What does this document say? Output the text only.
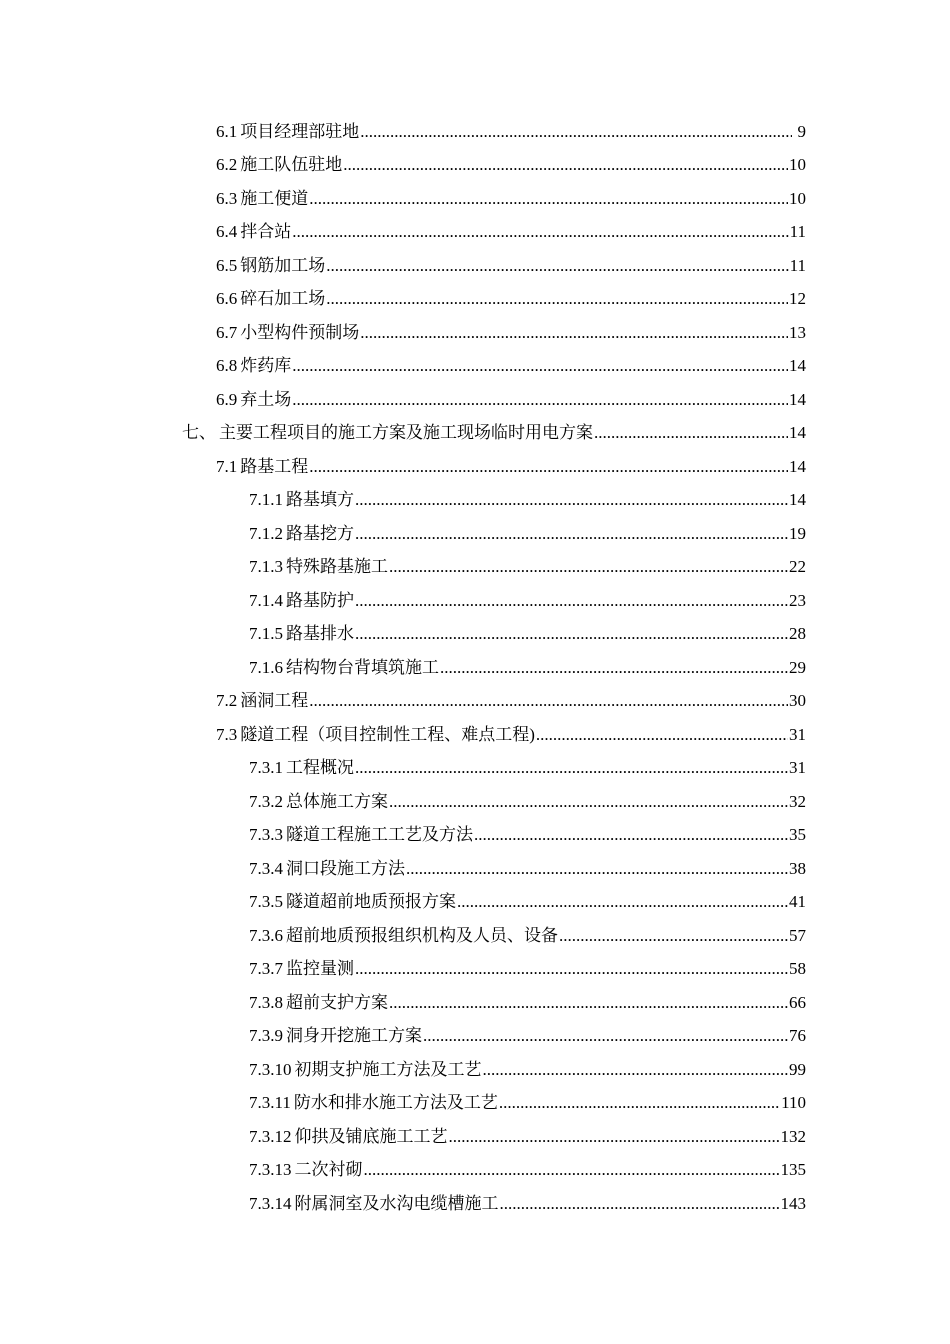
6.1 项目经理部驻地 .....	9
6.2 施工队伍驻地 .....	10
6.3 施工便道 .....	10
6.4 拌合站 .....	11
6.5 钢筋加工场 .....	11
6.6 碎石加工场 .....	12
6.7 小型构件预制场 .....	13
6.8 炸药库 .....	14
6.9 弃土场 .....	14
七、 主要工程项目的施工方案及施工现场临时用电方案 .....	14
7.1 路基工程 .....	14
7.1.1 路基填方 .....	14
7.1.2 路基挖方 .....	19
7.1.3 特殊路基施工 .....	22
7.1.4 路基防护 .....	23
7.1.5 路基排水 .....	28
7.1.6 结构物台背填筑施工 .....	29
7.2 涵洞工程 .....	30
7.3 隧道工程（项目控制性工程、难点工程) .....	31
7.3.1 工程概况 .....	31
7.3.2 总体施工方案 .....	32
7.3.3 隧道工程施工工艺及方法 .....	35
7.3.4 洞口段施工方法 .....	38
7.3.5 隧道超前地质预报方案 .....	41
7.3.6 超前地质预报组织机构及人员、设备 .....	57
7.3.7 监控量测 .....	58
7.3.8 超前支护方案 .....	66
7.3.9 洞身开挖施工方案 .....	76
7.3.10 初期支护施工方法及工艺 .....	99
7.3.11 防水和排水施工方法及工艺 .....	110
7.3.12 仰拱及铺底施工工艺 .....	132
7.3.13 二次衬砌 .....	135
7.3.14 附属洞室及水沟电缆槽施工 .....	143
